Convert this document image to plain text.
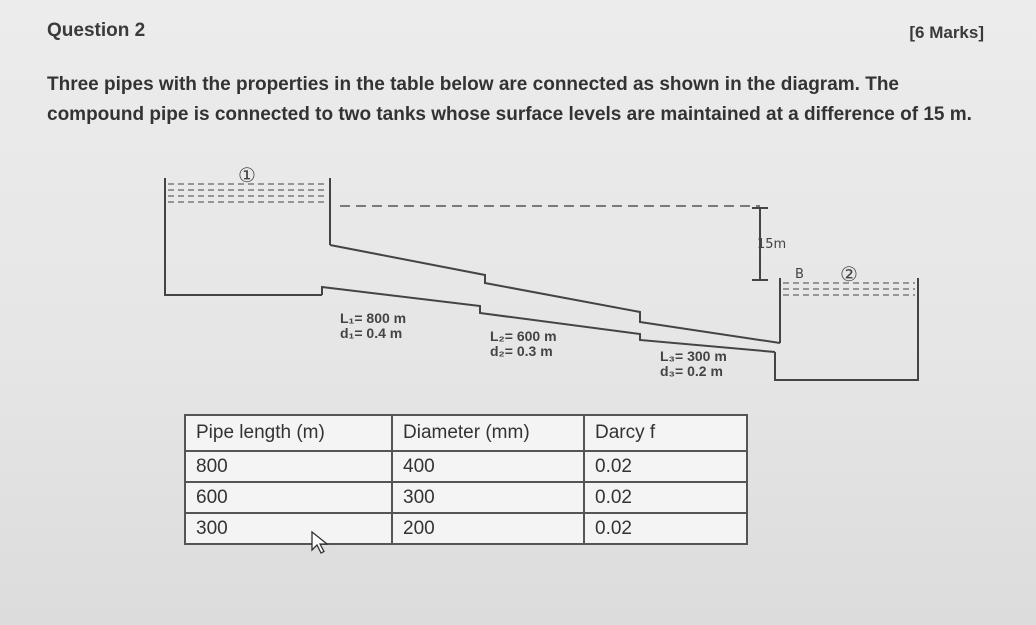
Question 2	[6 Marks]
Three pipes with the properties in the table below are connected as shown in the diagram. The compound pipe is connected to two tanks whose surface levels are maintained at a difference of 15 m.
①
②
B
15m
L₁= 800 m
d₁= 0.4 m	L₂= 600 m
d₂= 0.3 m	L₃= 300 m
d₃= 0.2 m
Pipe length (m)	Diameter (mm)	Darcy f
800	400	0.02
600	300	0.02
300	200	0.02
